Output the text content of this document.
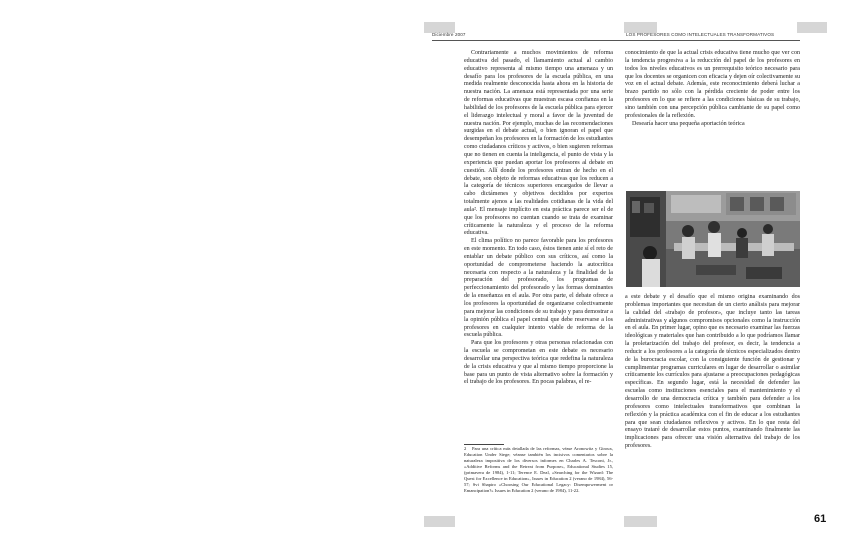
Diciembre 2007	LOS PROFESORES COMO INTELECTUALES TRANSFORMATIVOS

Contrariamente a muchos movimientos de reforma educativa del pasado, el llamamiento actual al cambio educativo representa al mismo tiempo una amenaza y un desafío para los profesores de la escuela pública, en una medida realmente desconocida hasta ahora en la historia de nuestra nación. La amenaza está representada por una serie de reformas educativas que muestran escasa confianza en la habilidad de los profesores de la escuela pública para ejercer el liderazgo intelectual y moral a favor de la juventud de nuestra nación. Por ejemplo, muchas de las recomendaciones surgidas en el debate actual, o bien ignoran el papel que desempeñan los profesores en la formación de los estudiantes como ciudadanos críticos y activos, o bien sugieren reformas que no tienen en cuenta la inteligencia, el punto de vista y la experiencia que puedan aportar los profesores al debate en cuestión. Allí donde los profesores entran de hecho en el debate, son objeto de reformas educativas que los reducen a la categoría de técnicos superiores encargados de llevar a cabo dictámenes y objetivos decididos por expertos totalmente ajenos a las realidades cotidianas de la vida del aula². El mensaje implícito en esta práctica parece ser el de que los profesores no cuentan cuando se trata de examinar críticamente la naturaleza y el proceso de la reforma educativa.

El clima político no parece favorable para los profesores en este momento. En todo caso, éstos tienen ante sí el reto de entablar un debate público con sus críticos, así como la oportunidad de comprometerse haciendo la autocrítica necesaria con respecto a la naturaleza y la finalidad de la preparación del profesorado, los programas de perfeccionamiento del profesorado y las formas dominantes de la enseñanza en el aula. Por otra parte, el debate ofrece a los profesores la oportunidad de organizarse colectivamente para mejorar las condiciones de su trabajo y para demostrar a la opinión pública el papel central que debe reservarse a los profesores en cualquier intento viable de reforma de la escuela pública.

Para que los profesores y otras personas relacionadas con la escuela se comprometan en este debate es necesario desarrollar una perspectiva teórica que redefina la naturaleza de la crisis educativa y que al mismo tiempo proporcione la base para un punto de vista alternativo sobre la formación y el trabajo de los profesores. En pocas palabras, el re-

2 Para una crítica más detallada de las reformas, véase Aronowitz y Giroux, Education Under Siege; véanse también los incisivos comentarios sobre la naturaleza impositiva de los diversos informes en Charles A. Tesconi, Jr., «Additive Reforms and the Retreat from Purpose», Educational Studies 15, (primavera de 1984), 1-11; Terence E. Deal, «Searching for the Wizard: The Quest for Excellence in Education», Issues in Education 2 (verano de 1984), 56-57; Svi Shapiro «Choosing Our Educational Legacy: Disempowerment or Emancipation?» Issues in Education 2 (verano de 1984), 11-22.

conocimiento de que la actual crisis educativa tiene mucho que ver con la tendencia progresiva a la reducción del papel de los profesores en todos los niveles educativos es un prerrequisito teórico necesario para que los docentes se organicen con eficacia y dejen oír colectivamente su voz en el actual debate. Además, este reconocimiento deberá luchar a brazo partido no sólo con la pérdida creciente de poder entre los profesores en lo que se refiere a las condiciones básicas de su trabajo, sino también con una percepción pública cambiante de su papel como profesionales de la reflexión.

Desearía hacer una pequeña aportación teórica

a este debate y el desafío que el mismo origina examinando dos problemas importantes que necesitan de un cierto análisis para mejorar la calidad del «trabajo de profesor», que incluye tanto las tareas administrativas y algunos compromisos opcionales como la instrucción en el aula. En primer lugar, opino que es necesario examinar las fuerzas ideológicas y materiales que han contribuido a lo que podríamos llamar la proletarización del trabajo del profesor, es decir, la tendencia a reducir a los profesores a la categoría de técnicos especializados dentro de la burocracia escolar, con la consiguiente función de gestionar y cumplimentar programas curriculares en lugar de desarrollar o asimilar críticamente los currículos para ajustarse a preocupaciones pedagógicas específicas. En segundo lugar, está la necesidad de defender las escuelas como instituciones esenciales para el mantenimiento y el desarrollo de una democracia crítica y también para defender a los profesores como intelectuales transformativos que combinan la reflexión y la práctica académica con el fin de educar a los estudiantes para que sean ciudadanos reflexivos y activos. En lo que resta del ensayo trataré de desarrollar estos puntos, examinando finalmente las implicaciones para ofrecer una visión alternativa del trabajo de los profesores.

61
